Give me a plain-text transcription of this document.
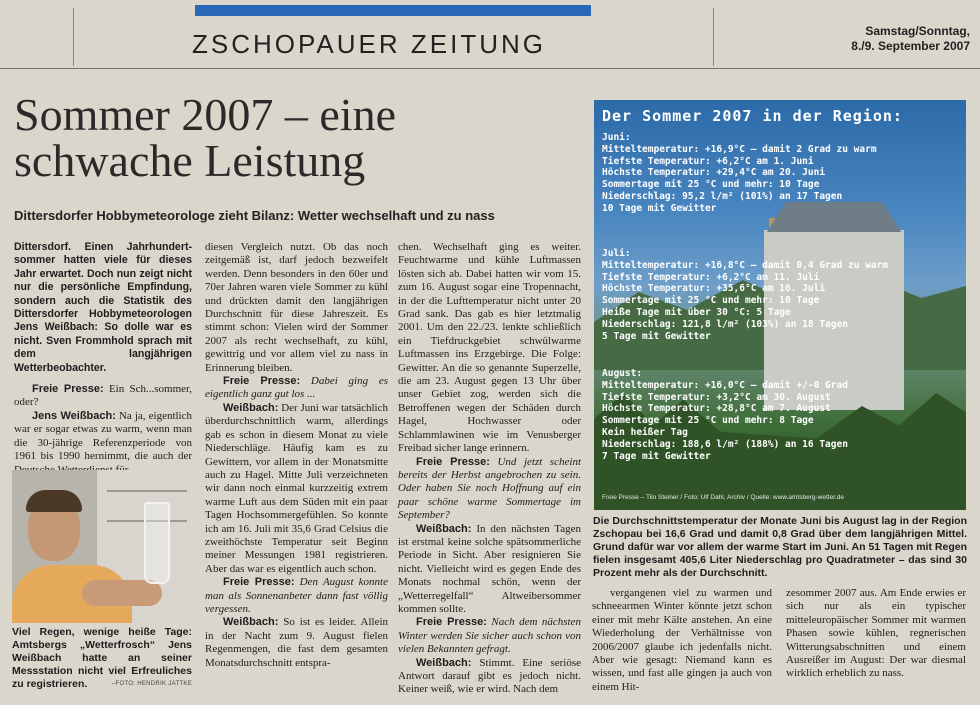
ZSCHOPAUER ZEITUNG	Samstag/Sonntag,
8./9. September 2007
Sommer 2007 – eine
schwache Leistung
Dittersdorfer Hobbymeteorologe zieht Bilanz: Wetter wechselhaft und zu nass

Dittersdorf. Einen Jahrhundertsommer hatten viele für dieses Jahr erwartet. Doch nun zeigt nicht nur die persönliche Empfindung, sondern auch die Statistik des Dittersdorfer Hobbymeteorologen Jens Weißbach: So dolle war es nicht. Sven Frommhold sprach mit dem langjährigen Wetterbeobachter.

Freie Presse: Ein Sch...sommer, oder?

Jens Weißbach: Na ja, eigentlich war er sogar etwas zu warm, wenn man die 30-jährige Referenzperiode von 1961 bis 1990 hernimmt, die auch der

Viel Regen, wenige heiße Tage: Amtsbergs „Wetterfrosch“ Jens Weißbach hatte an seiner Messstation nicht viel Erfreuliches zu registrieren.	–FOTO: HENDRIK JATTKE

diesen Vergleich nutzt. Ob das noch zeitgemäß ist, darf jedoch bezweifelt werden. Denn besonders in den 60er und 70er Jahren waren viele Sommer zu kühl und drückten damit den langjährigen Durchschnitt für diese Jahreszeit. Es stimmt schon: Vielen wird der Sommer 2007 als recht wechselhaft, zu kühl, gewittrig und vor allem viel zu nass in Erinnerung bleiben.

Freie Presse: Dabei ging es eigentlich ganz gut los ...

Weißbach: Der Juni war tatsächlich überdurchschnittlich warm, allerdings gab es schon in diesem Monat zu viele Niederschläge. Häufig kam es zu Gewittern, vor allem in der Monatsmitte auch zu Hagel. Mitte Juli verzeichneten wir dann noch einmal kurzzeitig extrem warme Luft aus dem Süden mit ein paar Tagen Hochsommergefühlen. So konnte ich am 16. Juli mit 35,6 Grad Celsius die zweithöchste Temperatur seit Beginn meiner Messungen 1981 registrieren. Aber das war es eigentlich auch schon.

Freie Presse: Den August konnte man als Sonnenanbeter dann fast völlig vergessen.

Weißbach: So ist es leider. Allein in der Nacht zum 9. August fielen Regenmengen, die fast dem gesamten Monatsdurchschnitt entspra-

chen. Wechselhaft ging es weiter. Feuchtwarme und kühle Luftmassen lösten sich ab. Dabei hatten wir vom 15. zum 16. August sogar eine Tropennacht, in der die Lufttemperatur nicht unter 20 Grad sank. Das gab es hier letztmalig 2001. Um den 22./23. lenkte schließlich ein Tiefdruckgebiet schwülwarme Luftmassen ins Erzgebirge. Die Folge: Gewitter. An die so genannte Superzelle, die am 23. August gegen 13 Uhr über unser Gebiet zog, werden sich die Betroffenen wegen der Schäden durch Hagel, Hochwasser oder Schlammlawinen wie im Venusberger Freibad sicher lange erinnern.

Freie Presse: Und jetzt scheint bereits der Herbst angebrochen zu sein. Oder haben Sie noch Hoffnung auf ein paar schöne warme Sommertage im September?

Weißbach: In den nächsten Tagen ist erstmal keine solche spätsommerliche Periode in Sicht. Aber resignieren Sie nicht. Vielleicht wird es gegen Ende des Monats nochmal schön, wenn der „Wetterregelfall“ Altweibersommer kommen sollte.

Freie Presse: Nach dem nächsten Winter werden Sie sicher auch schon von vielen Bekannten gefragt.

Weißbach: Stimmt. Eine seriöse Antwort darauf gibt es jedoch nicht. Keiner weiß, wie er wird. Nach dem

Der Sommer 2007 in der Region:
Juni:
Mitteltemperatur: +16,9°C – damit 2 Grad zu warm
Tiefste Temperatur: +6,2°C am 1. Juni
Höchste Temperatur: +29,4°C am 20. Juni
Sommertage mit 25 °C und mehr: 10 Tage
Niederschlag: 95,2 l/m² (101%) an 17 Tagen
10 Tage mit Gewitter
Juli:
Mitteltemperatur: +16,8°C – damit 0,4 Grad zu warm
Tiefste Temperatur: +6,2°C am 11. Juli
Höchste Temperatur: +35,6°C am 16. Juli
Sommertage mit 25 °C und mehr: 10 Tage
Heiße Tage mit über 30 °C: 5 Tage
Niederschlag: 121,8 l/m² (103%) an 18 Tagen
5 Tage mit Gewitter
August:
Mitteltemperatur: +16,0°C – damit +/-0 Grad
Tiefste Temperatur: +3,2°C am 30. August
Höchste Temperatur: +28,8°C am 7. August
Sommertage mit 25 °C und mehr: 8 Tage
Kein heißer Tag
Niederschlag: 188,6 l/m² (188%) an 16 Tagen
7 Tage mit Gewitter
Freie Presse – Tilo Steiner / Foto: Ulf Dahl, Archiv / Quelle: www.amtsberg-wetter.de
Die Durchschnittstemperatur der Monate Juni bis August lag in der Region Zschopau bei 16,6 Grad und damit 0,8 Grad über dem langjährigen Mittel. Grund dafür war vor allem der warme Start im Juni. An 51 Tagen mit Regen fielen insgesamt 405,6 Liter Niederschlag pro Quadratmeter – das sind 30 Prozent mehr als der Durchschnitt.
vergangenen viel zu warmen und schneearmen Winter könnte jetzt schon einer mit mehr Kälte anstehen. An eine Wiederholung der Verhältnisse von 2006/2007 glaube ich jedenfalls nicht. Aber wie gesagt: Niemand kann es wissen, und fast alle gingen ja auch von einem Hit-
zesommer 2007 aus. Am Ende erwies er sich nur als ein typischer mitteleuropäischer Sommer mit warmen Phasen sowie kühlen, regnerischen Witterungsabschnitten und einem Ausreißer im August: Der war diesmal wirklich erheblich zu nass.
